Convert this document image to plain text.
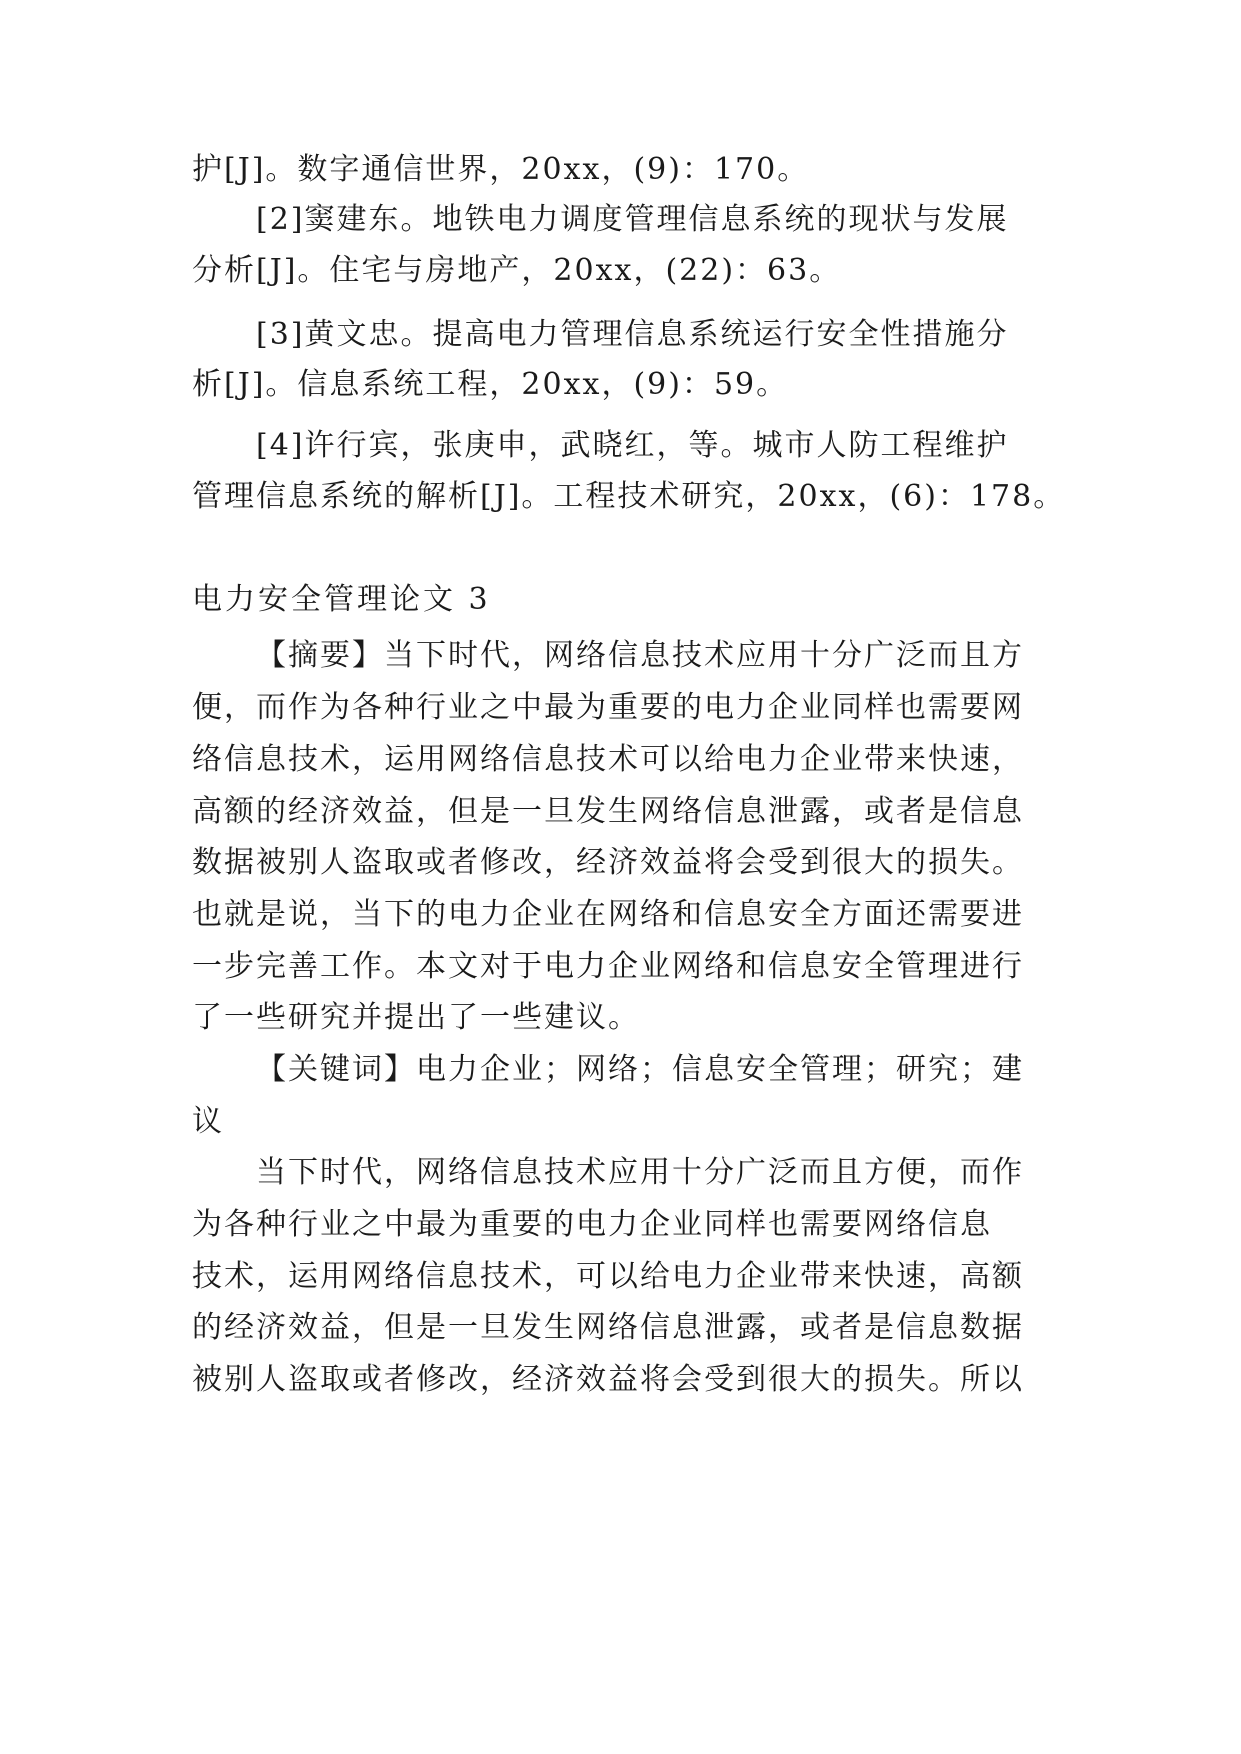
护[J]。数字通信世界，20xx，(9)：170。
[2]窦建东。地铁电力调度管理信息系统的现状与发展
分析[J]。住宅与房地产，20xx，(22)：63。
[3]黄文忠。提高电力管理信息系统运行安全性措施分
析[J]。信息系统工程，20xx，(9)：59。
[4]许行宾，张庚申，武晓红，等。城市人防工程维护
管理信息系统的解析[J]。工程技术研究，20xx，(6)：178。
电力安全管理论文 3
【摘要】当下时代，网络信息技术应用十分广泛而且方
便，而作为各种行业之中最为重要的电力企业同样也需要网
络信息技术，运用网络信息技术可以给电力企业带来快速，
高额的经济效益，但是一旦发生网络信息泄露，或者是信息
数据被别人盗取或者修改，经济效益将会受到很大的损失。
也就是说，当下的电力企业在网络和信息安全方面还需要进
一步完善工作。本文对于电力企业网络和信息安全管理进行
了一些研究并提出了一些建议。
【关键词】电力企业；网络；信息安全管理；研究；建
议
当下时代，网络信息技术应用十分广泛而且方便，而作
为各种行业之中最为重要的电力企业同样也需要网络信息
技术，运用网络信息技术，可以给电力企业带来快速，高额
的经济效益，但是一旦发生网络信息泄露，或者是信息数据
被别人盗取或者修改，经济效益将会受到很大的损失。所以
